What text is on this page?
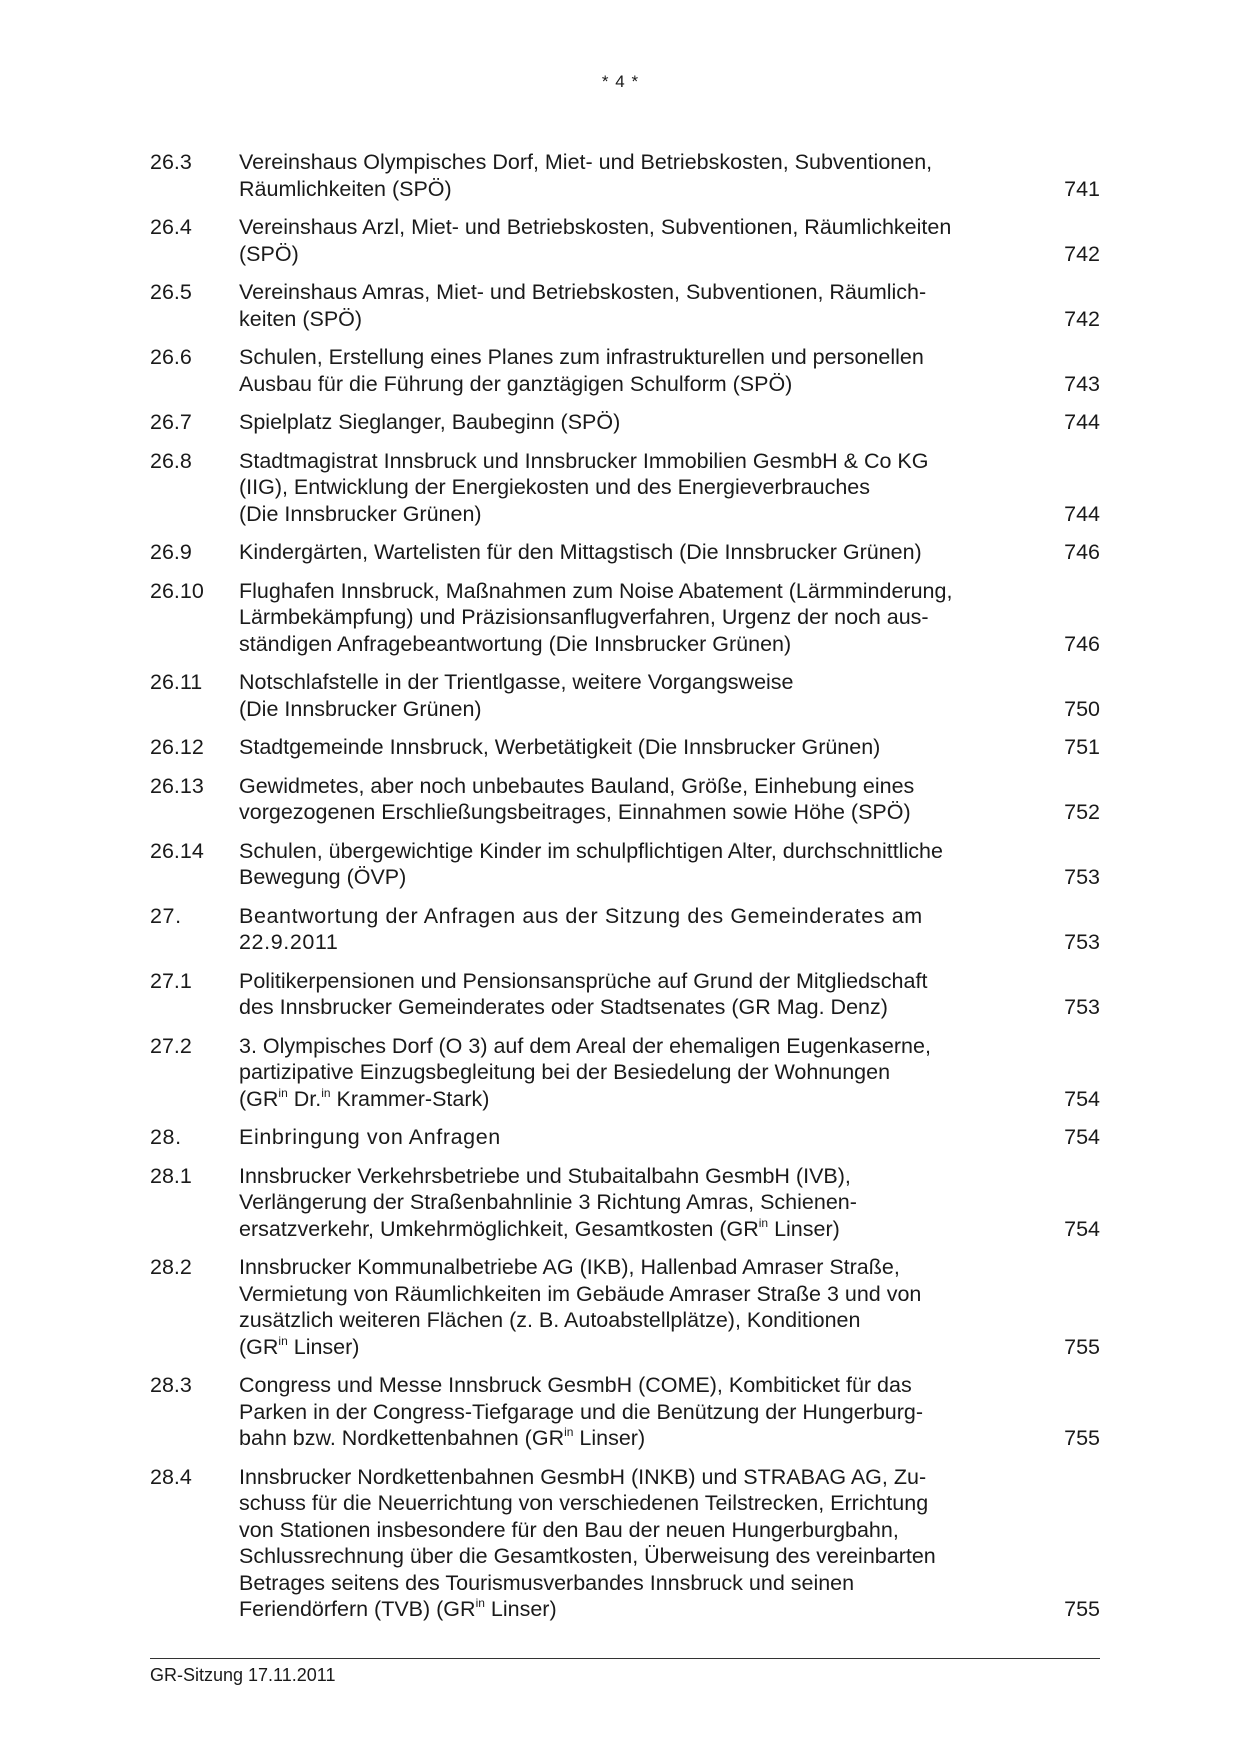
* 4 *
26.3	Vereinshaus Olympisches Dorf, Miet- und Betriebskosten, Subventionen,
Räumlichkeiten (SPÖ)	741
26.4	Vereinshaus Arzl, Miet- und Betriebskosten, Subventionen, Räumlichkeiten
(SPÖ)	742
26.5	Vereinshaus Amras, Miet- und Betriebskosten, Subventionen, Räumlich-
keiten (SPÖ)	742
26.6	Schulen, Erstellung eines Planes zum infrastrukturellen und personellen
Ausbau für die Führung der ganztägigen Schulform (SPÖ)	743
26.7	Spielplatz Sieglanger, Baubeginn (SPÖ)	744
26.8	Stadtmagistrat Innsbruck und Innsbrucker Immobilien GesmbH & Co KG
(IIG), Entwicklung der Energiekosten und des Energieverbrauches
(Die Innsbrucker Grünen)	744
26.9	Kindergärten, Wartelisten für den Mittagstisch (Die Innsbrucker Grünen)	746
26.10	Flughafen Innsbruck, Maßnahmen zum Noise Abatement (Lärmminderung,
Lärmbekämpfung) und Präzisionsanflugverfahren, Urgenz der noch aus-
ständigen Anfragebeantwortung (Die Innsbrucker Grünen)	746
26.11	Notschlafstelle in der Trientlgasse, weitere Vorgangsweise
(Die Innsbrucker Grünen)	750
26.12	Stadtgemeinde Innsbruck, Werbetätigkeit (Die Innsbrucker Grünen)	751
26.13	Gewidmetes, aber noch unbebautes Bauland, Größe, Einhebung eines
vorgezogenen Erschließungsbeitrages, Einnahmen sowie Höhe (SPÖ)	752
26.14	Schulen, übergewichtige Kinder im schulpflichtigen Alter, durchschnittliche
Bewegung (ÖVP)	753
27.	Beantwortung der Anfragen aus der Sitzung des Gemeinderates am
22.9.2011	753
27.1	Politikerpensionen und Pensionsansprüche auf Grund der Mitgliedschaft
des Innsbrucker Gemeinderates oder Stadtsenates (GR Mag. Denz)	753
27.2	3. Olympisches Dorf (O 3) auf dem Areal der ehemaligen Eugenkaserne,
partizipative Einzugsbegleitung bei der Besiedelung der Wohnungen
($GR^{in}$ Dr.$^{in}$ Krammer-Stark)	754
28.	Einbringung von Anfragen	754
28.1	Innsbrucker Verkehrsbetriebe und Stubaitalbahn GesmbH (IVB),
Verlängerung der Straßenbahnlinie 3 Richtung Amras, Schienen-
ersatzverkehr, Umkehrmöglichkeit, Gesamtkosten ($GR^{in}$ Linser)	754
28.2	Innsbrucker Kommunalbetriebe AG (IKB), Hallenbad Amraser Straße,
Vermietung von Räumlichkeiten im Gebäude Amraser Straße 3 und von
zusätzlich weiteren Flächen (z. B. Autoabstellplätze), Konditionen
($GR^{in}$ Linser)	755
28.3	Congress und Messe Innsbruck GesmbH (COME), Kombiticket für das
Parken in der Congress-Tiefgarage und die Benützung der Hungerburg-
bahn bzw. Nordkettenbahnen ($GR^{in}$ Linser)	755
28.4	Innsbrucker Nordkettenbahnen GesmbH (INKB) und STRABAG AG, Zu-
schuss für die Neuerrichtung von verschiedenen Teilstrecken, Errichtung
von Stationen insbesondere für den Bau der neuen Hungerburgbahn,
Schlussrechnung über die Gesamtkosten, Überweisung des vereinbarten
Betrages seitens des Tourismusverbandes Innsbruck und seinen
Feriendörfern (TVB) ($GR^{in}$ Linser)	755
GR-Sitzung 17.11.2011
